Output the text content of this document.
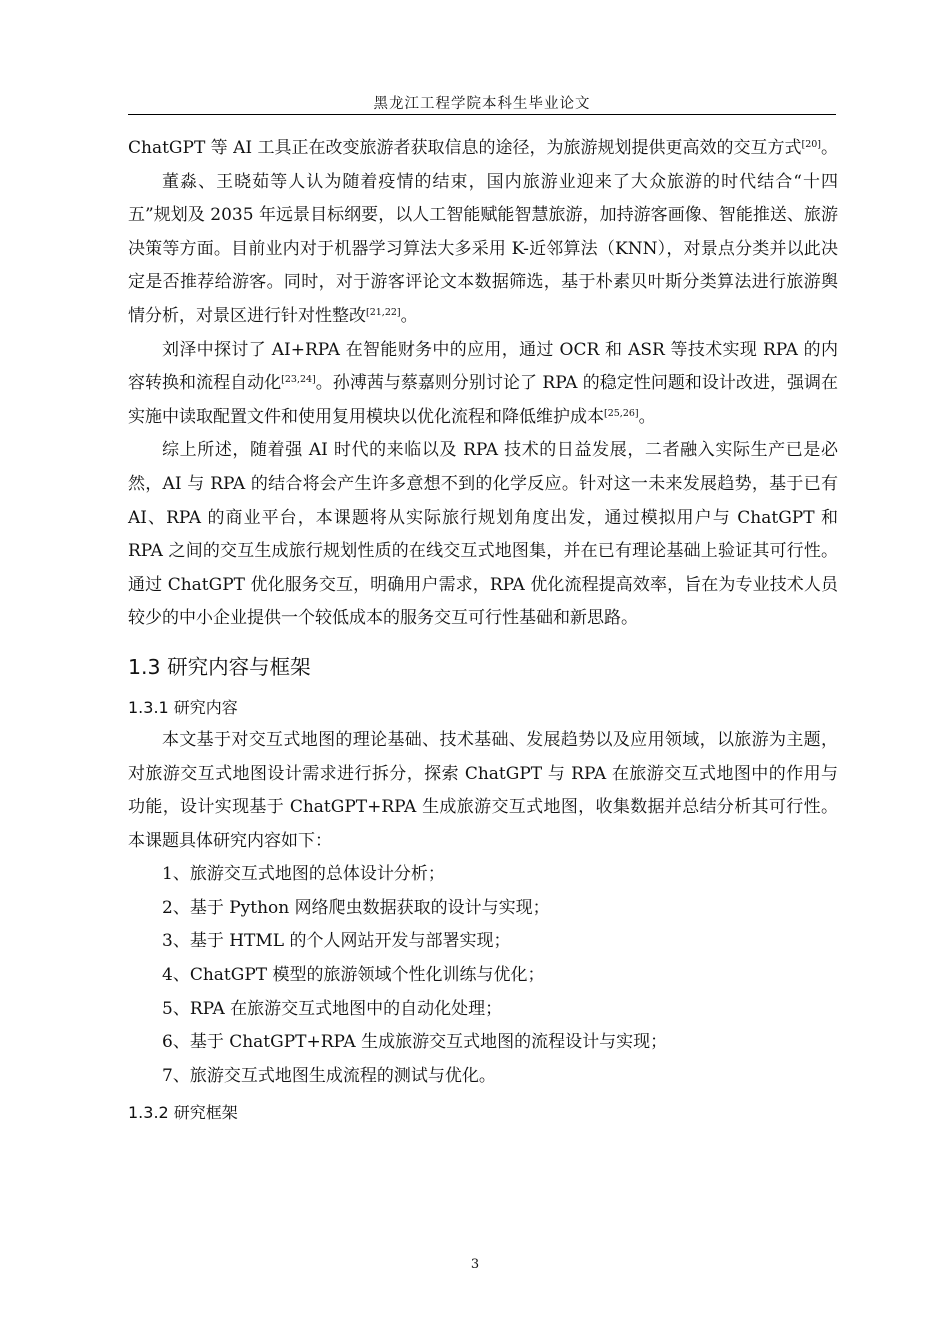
黑龙江工程学院本科生毕业论文

ChatGPT 等 AI 工具正在改变旅游者获取信息的途径，为旅游规划提供更高效的交互方式[20]。

董淼、王晓茹等人认为随着疫情的结束，国内旅游业迎来了大众旅游的时代结合“十四五”规划及 2035 年远景目标纲要，以人工智能赋能智慧旅游，加持游客画像、智能推送、旅游决策等方面。目前业内对于机器学习算法大多采用 K-近邻算法（KNN），对景点分类并以此决定是否推荐给游客。同时，对于游客评论文本数据筛选，基于朴素贝叶斯分类算法进行旅游舆情分析，对景区进行针对性整改[21,22]。

刘泽中探讨了 AI+RPA 在智能财务中的应用，通过 OCR 和 ASR 等技术实现 RPA 的内容转换和流程自动化[23,24]。孙溥茜与蔡嘉则分别讨论了 RPA 的稳定性问题和设计改进，强调在实施中读取配置文件和使用复用模块以优化流程和降低维护成本[25,26]。

综上所述，随着强 AI 时代的来临以及 RPA 技术的日益发展，二者融入实际生产已是必然，AI 与 RPA 的结合将会产生许多意想不到的化学反应。针对这一未来发展趋势，基于已有 AI、RPA 的商业平台，本课题将从实际旅行规划角度出发，通过模拟用户与 ChatGPT 和 RPA 之间的交互生成旅行规划性质的在线交互式地图集，并在已有理论基础上验证其可行性。通过 ChatGPT 优化服务交互，明确用户需求，RPA 优化流程提高效率，旨在为专业技术人员较少的中小企业提供一个较低成本的服务交互可行性基础和新思路。

1.3 研究内容与框架
1.3.1 研究内容

本文基于对交互式地图的理论基础、技术基础、发展趋势以及应用领域，以旅游为主题，对旅游交互式地图设计需求进行拆分，探索 ChatGPT 与 RPA 在旅游交互式地图中的作用与功能，设计实现基于 ChatGPT+RPA 生成旅游交互式地图，收集数据并总结分析其可行性。本课题具体研究内容如下：

1、旅游交互式地图的总体设计分析；
2、基于 Python 网络爬虫数据获取的设计与实现；
3、基于 HTML 的个人网站开发与部署实现；
4、ChatGPT 模型的旅游领域个性化训练与优化；
5、RPA 在旅游交互式地图中的自动化处理；
6、基于 ChatGPT+RPA 生成旅游交互式地图的流程设计与实现；
7、旅游交互式地图生成流程的测试与优化。
1.3.2 研究框架
3
